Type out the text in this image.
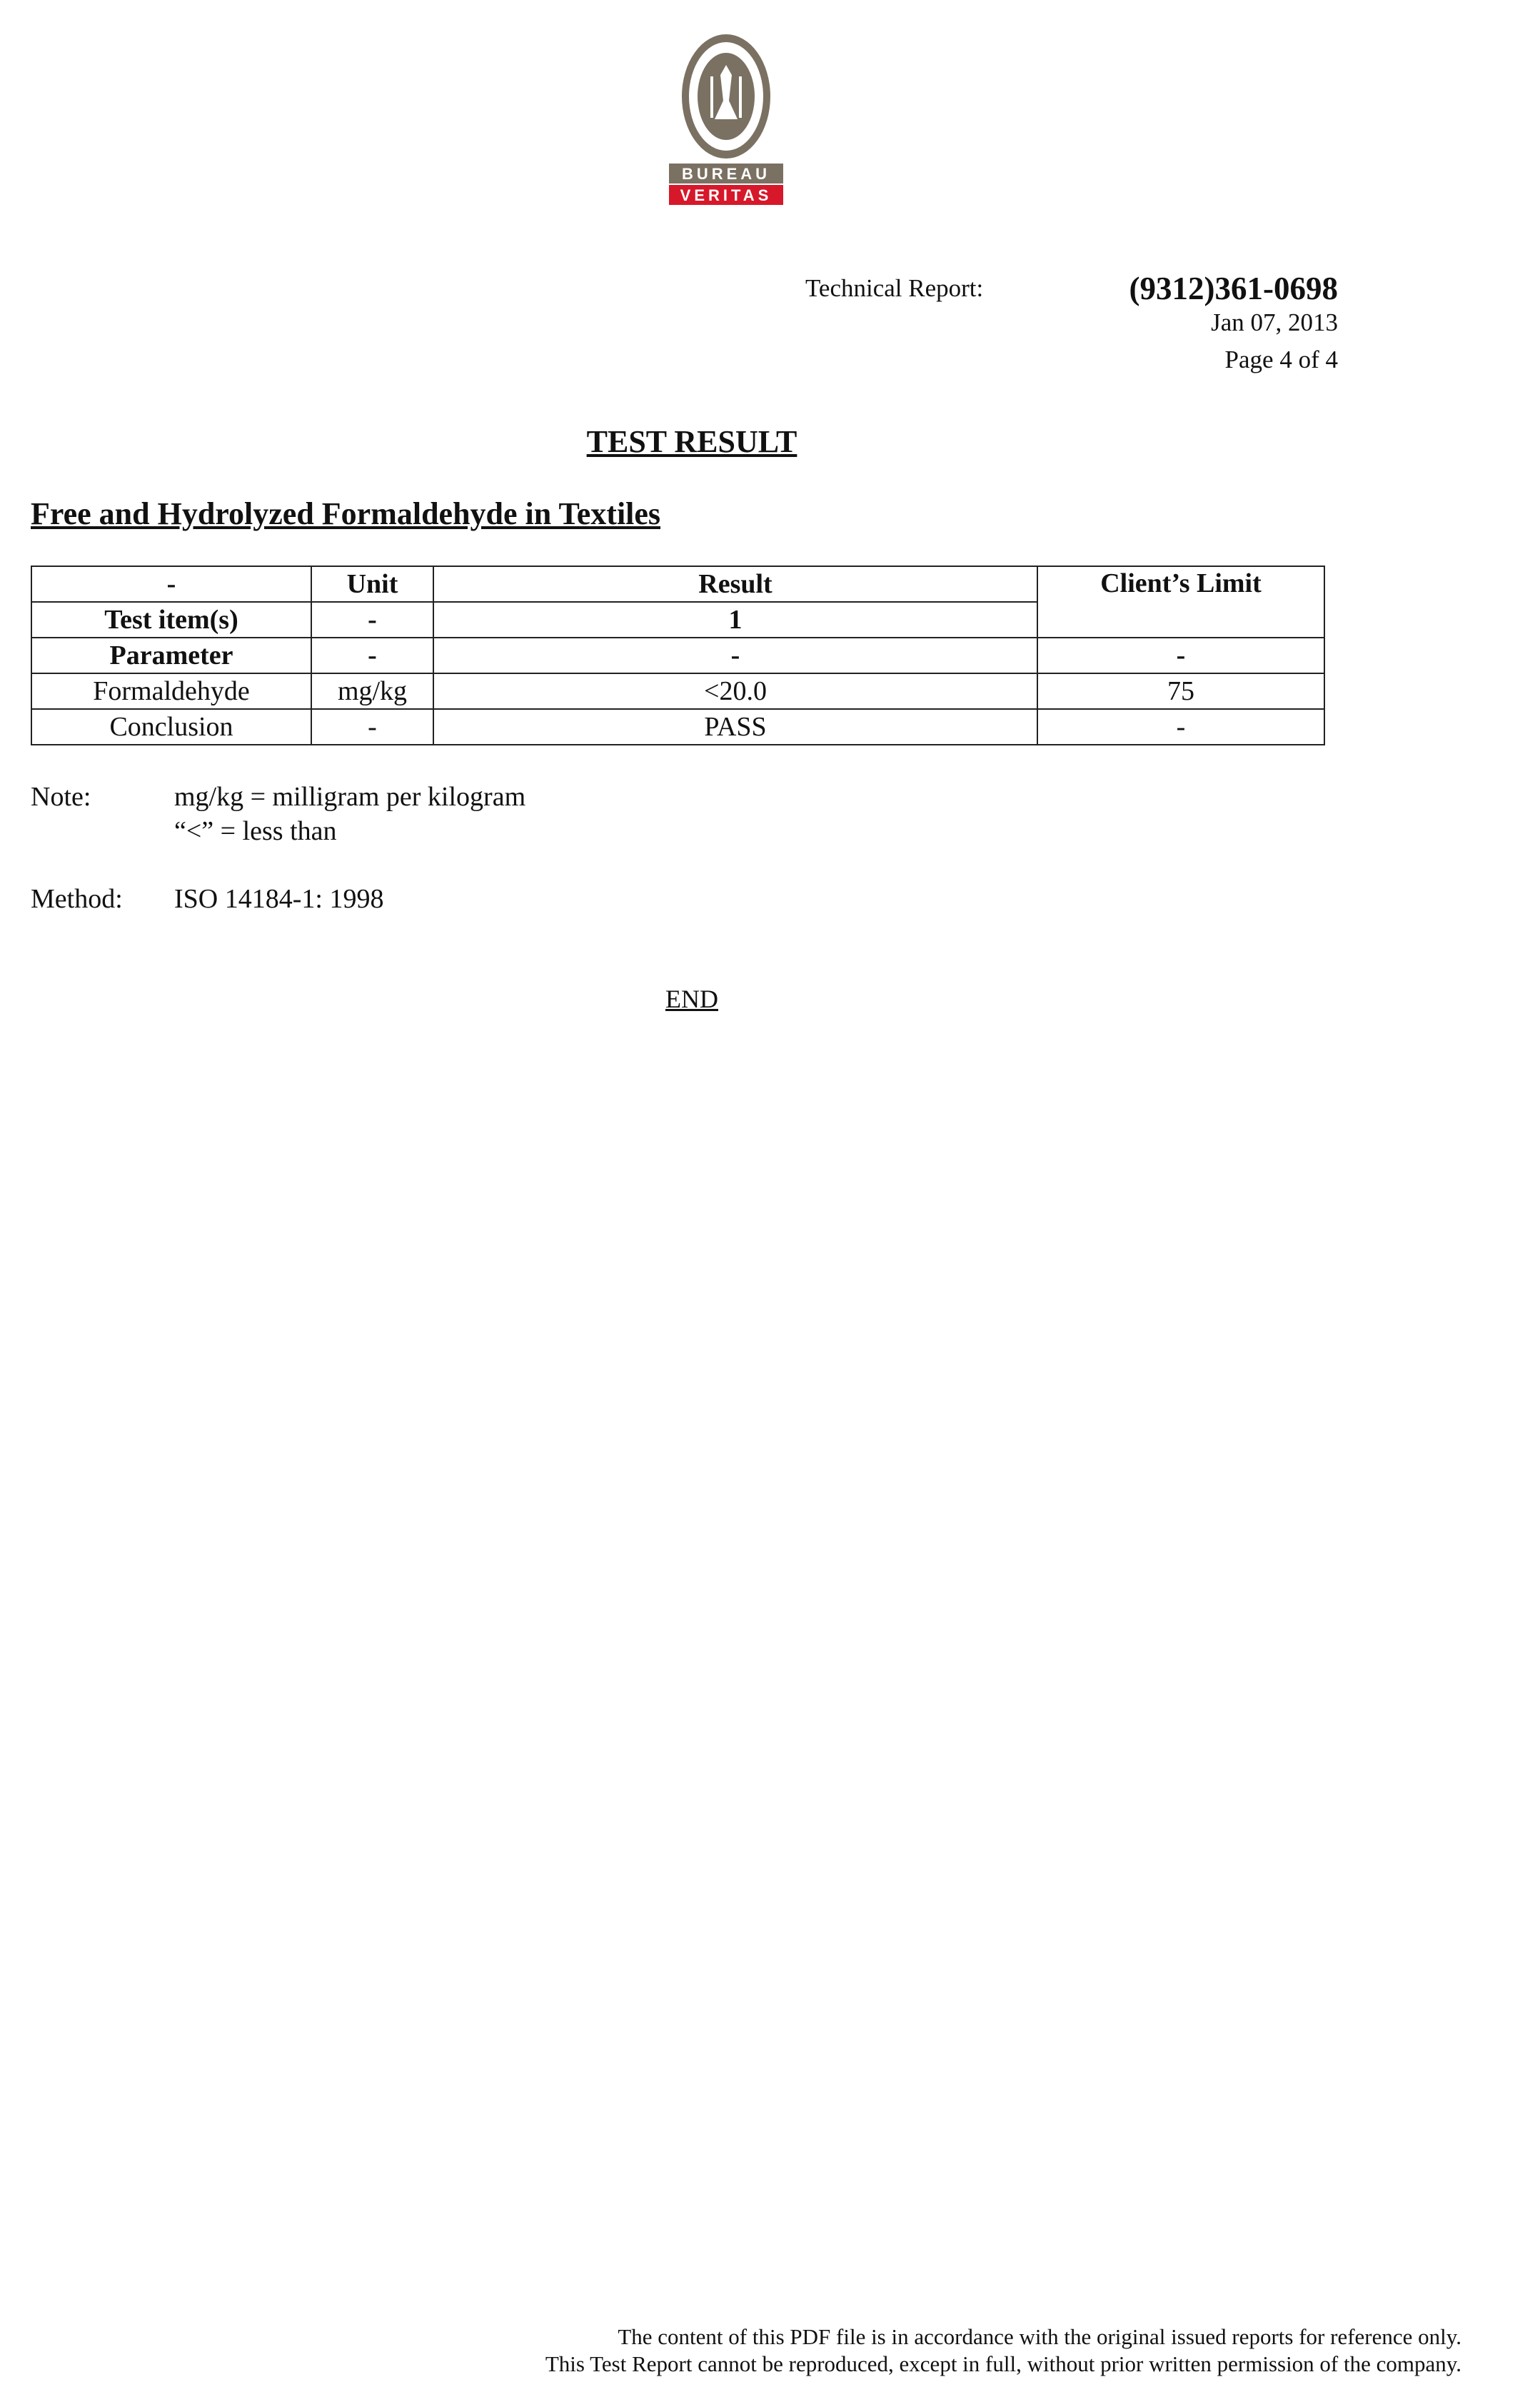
BUREAU
VERITAS
Technical Report:	(9312)361-0698
Jan 07, 2013
Page 4 of 4
TEST RESULT
Free and Hydrolyzed Formaldehyde in Textiles
-	Unit	Result	Client’s Limit
Test item(s)	-	1	
Parameter	-	-	-
Formaldehyde	mg/kg	<20.0	75
Conclusion	-	PASS	-
Note:	mg/kg = milligram per kilogram
“<” = less than
Method: ISO 14184-1: 1998
END
The content of this PDF file is in accordance with the original issued reports for reference only.
This Test Report cannot be reproduced, except in full, without prior written permission of the company.
